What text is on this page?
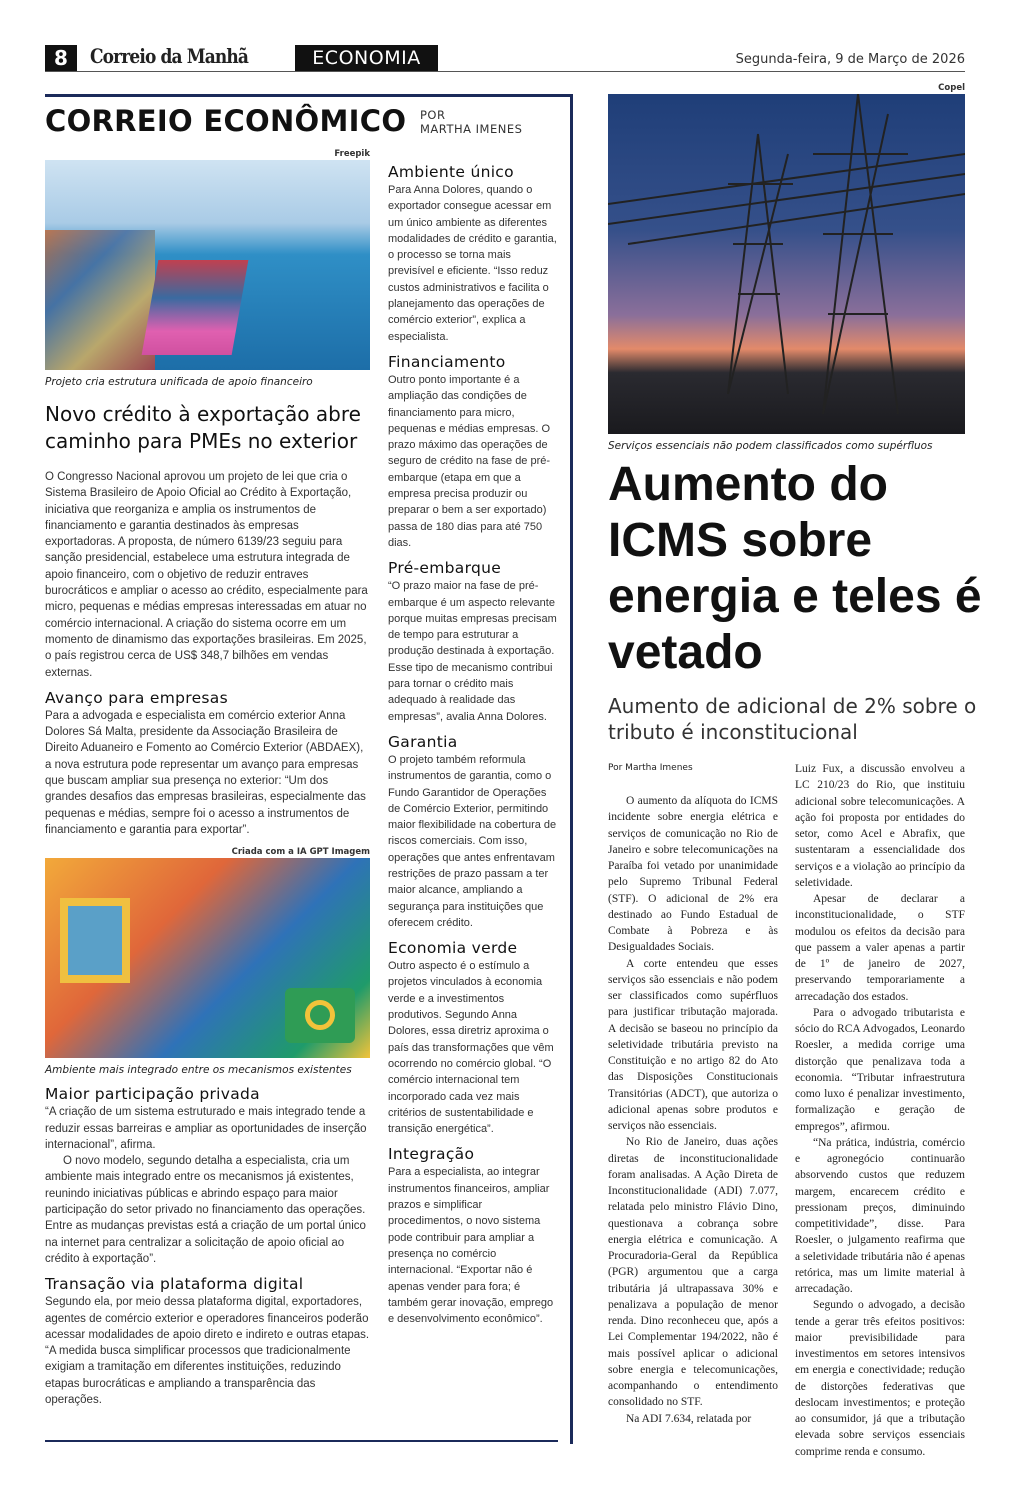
8	Correio da Manhã	ECONOMIA	Segunda-feira, 9 de Março de 2026
CORREIO ECONÔMICO POR
MARTHA IMENES
Freepik
Projeto cria estrutura unificada de apoio financeiro
Novo crédito à exportação abre caminho para PMEs no exterior
O Congresso Nacional aprovou um projeto de lei que cria o Sistema Brasileiro de Apoio Oficial ao Crédito à Exportação, iniciativa que reorganiza e amplia os instrumentos de financiamento e garantia destinados às empresas exportadoras. A proposta, de número 6139/23 seguiu para sanção presidencial, estabelece uma estrutura integrada de apoio financeiro, com o objetivo de reduzir entraves burocráticos e ampliar o acesso ao crédito, especialmente para micro, pequenas e médias empresas interessadas em atuar no comércio internacional. A criação do sistema ocorre em um momento de dinamismo das exportações brasileiras. Em 2025, o país registrou cerca de US$ 348,7 bilhões em vendas externas.
Avanço para empresas
Para a advogada e especialista em comércio exterior Anna Dolores Sá Malta, presidente da Associação Brasileira de Direito Aduaneiro e Fomento ao Comércio Exterior (ABDAEX), a nova estrutura pode representar um avanço para empresas que buscam ampliar sua presença no exterior: “Um dos grandes desafios das empresas brasileiras, especialmente das pequenas e médias, sempre foi o acesso a instrumentos de financiamento e garantia para exportar”.
Criada com a IA GPT Imagem
Ambiente mais integrado entre os mecanismos existentes
Maior participação privada
“A criação de um sistema estruturado e mais integrado tende a reduzir essas barreiras e ampliar as oportunidades de inserção internacional”, afirma.
O novo modelo, segundo detalha a especialista, cria um ambiente mais integrado entre os mecanismos já existentes, reunindo iniciativas públicas e abrindo espaço para maior participação do setor privado no financiamento das operações. Entre as mudanças previstas está a criação de um portal único na internet para centralizar a solicitação de apoio oficial ao crédito à exportação”.
Transação via plataforma digital
Segundo ela, por meio dessa plataforma digital, exportadores, agentes de comércio exterior e operadores financeiros poderão acessar modalidades de apoio direto e indireto e outras etapas. “A medida busca simplificar processos que tradicionalmente exigiam a tramitação em diferentes instituições, reduzindo etapas burocráticas e ampliando a transparência das operações.
Ambiente único
Para Anna Dolores, quando o exportador consegue acessar em um único ambiente as diferentes modalidades de crédito e garantia, o processo se torna mais previsível e eficiente. “Isso reduz custos administrativos e facilita o planejamento das operações de comércio exterior”, explica a especialista.
Financiamento
Outro ponto importante é a ampliação das condições de financiamento para micro, pequenas e médias empresas. O prazo máximo das operações de seguro de crédito na fase de pré-embarque (etapa em que a empresa precisa produzir ou preparar o bem a ser exportado) passa de 180 dias para até 750 dias.
Pré-embarque
“O prazo maior na fase de pré-embarque é um aspecto relevante porque muitas empresas precisam de tempo para estruturar a produção destinada à exportação. Esse tipo de mecanismo contribui para tornar o crédito mais adequado à realidade das empresas”, avalia Anna Dolores.
Garantia
O projeto também reformula instrumentos de garantia, como o Fundo Garantidor de Operações de Comércio Exterior, permitindo maior flexibilidade na cobertura de riscos comerciais. Com isso, operações que antes enfrentavam restrições de prazo passam a ter maior alcance, ampliando a segurança para instituições que oferecem crédito.
Economia verde
Outro aspecto é o estímulo a projetos vinculados à economia verde e a investimentos produtivos. Segundo Anna Dolores, essa diretriz aproxima o país das transformações que vêm ocorrendo no comércio global. “O comércio internacional tem incorporado cada vez mais critérios de sustentabilidade e transição energética”.
Integração
Para a especialista, ao integrar instrumentos financeiros, ampliar prazos e simplificar procedimentos, o novo sistema pode contribuir para ampliar a presença no comércio internacional. “Exportar não é apenas vender para fora; é também gerar inovação, emprego e desenvolvimento econômico”.
Copel
Serviços essenciais não podem classificados como supérfluos
Aumento do ICMS sobre energia e teles é vetado
Aumento de adicional de 2% sobre o tributo é inconstitucional
Por Martha Imenes

O aumento da alíquota do ICMS incidente sobre energia elétrica e serviços de comunicação no Rio de Janeiro e sobre telecomunicações na Paraíba foi vetado por unanimidade pelo Supremo Tribunal Federal (STF). O adicional de 2% era destinado ao Fundo Estadual de Combate à Pobreza e às Desigualdades Sociais.

A corte entendeu que esses serviços são essenciais e não podem ser classificados como supérfluos para justificar tributação majorada. A decisão se baseou no princípio da seletividade tributária previsto na Constituição e no artigo 82 do Ato das Disposições Constitucionais Transitórias (ADCT), que autoriza o adicional apenas sobre produtos e serviços não essenciais.

No Rio de Janeiro, duas ações diretas de inconstitucionalidade foram analisadas. A Ação Direta de Inconstitucionalidade (ADI) 7.077, relatada pelo ministro Flávio Dino, questionava a cobrança sobre energia elétrica e comunicação. A Procuradoria-Geral da República (PGR) argumentou que a carga tributária já ultrapassava 30% e penalizava a população de menor renda. Dino reconheceu que, após a Lei Complementar 194/2022, não é mais possível aplicar o adicional sobre energia e telecomunicações, acompanhando o entendimento consolidado no STF.

Na ADI 7.634, relatada por

Luiz Fux, a discussão envolveu a LC 210/23 do Rio, que instituiu adicional sobre telecomunicações. A ação foi proposta por entidades do setor, como Acel e Abrafix, que sustentaram a essencialidade dos serviços e a violação ao princípio da seletividade.

Apesar de declarar a inconstitucionalidade, o STF modulou os efeitos da decisão para que passem a valer apenas a partir de 1º de janeiro de 2027, preservando temporariamente a arrecadação dos estados.

Para o advogado tributarista e sócio do RCA Advogados, Leonardo Roesler, a medida corrige uma distorção que penalizava toda a economia. “Tributar infraestrutura como luxo é penalizar investimento, formalização e geração de empregos”, afirmou.

“Na prática, indústria, comércio e agronegócio continuarão absorvendo custos que reduzem margem, encarecem crédito e pressionam preços, diminuindo competitividade”, disse. Para Roesler, o julgamento reafirma que a seletividade tributária não é apenas retórica, mas um limite material à arrecadação.

Segundo o advogado, a decisão tende a gerar três efeitos positivos: maior previsibilidade para investimentos em setores intensivos em energia e conectividade; redução de distorções federativas que deslocam investimentos; e proteção ao consumidor, já que a tributação elevada sobre serviços essenciais comprime renda e consumo.
